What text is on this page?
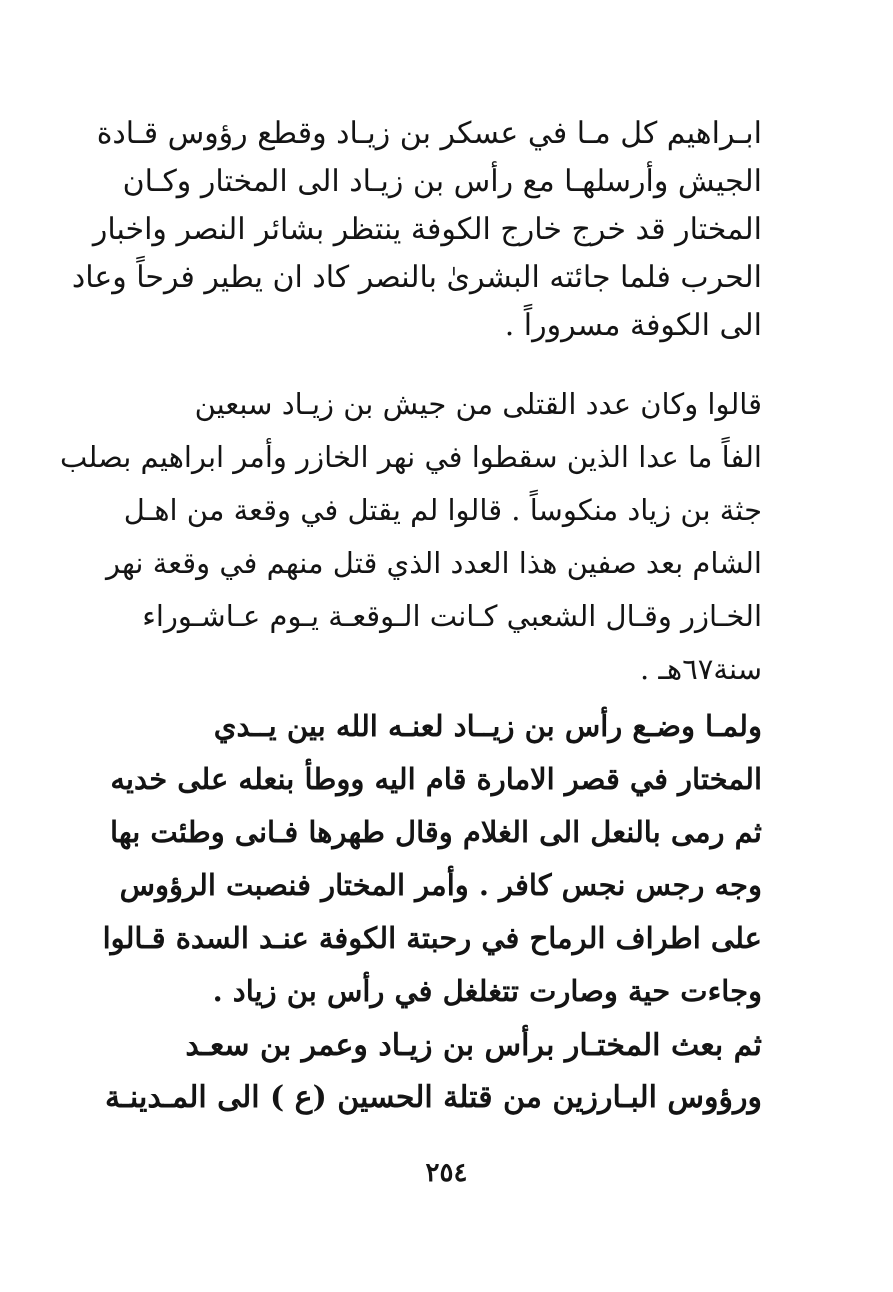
ابـراهيم كل مـا في عسكر بن زيـاد وقطع رؤوس قـادة
الجيش وأرسلهـا مع رأس بن زيـاد الى المختار وكـان
المختار قد خرج خارج الكوفة ينتظر بشائر النصر واخبار
الحرب فلما جائته البشرىٰ بالنصر كاد ان يطير فرحاً وعاد
الى الكوفة مسروراً .
قالوا وكان عدد القتلى من جيش بن زيـاد سبعين
الفاً ما عدا الذين سقطوا في نهر الخازر وأمر ابراهيم بصلب
جثة بن زياد منكوساً . قالوا لم يقتل في وقعة من اهـل
الشام بعد صفين هذا العدد الذي قتل منهم في وقعة نهر
الخـازر وقـال الشعبي كـانت الـوقعـة يـوم عـاشـوراء
سنة٦٧هـ .
ولمـا وضـع رأس بن زيــاد لعنـه الله بين يــدي
المختار في قصر الامارة قام اليه ووطأ بنعله على خديه
ثم رمى بالنعل الى الغلام وقال طهرها فـانى وطئت بها
وجه رجس نجس كافر . وأمر المختار فنصبت الرؤوس
على اطراف الرماح في رحبتة الكوفة عنـد السدة قـالوا
وجاءت حية وصارت تتغلغل في رأس بن زياد .
ثم بعث المختـار برأس بن زيـاد وعمر بن سعـد
ورؤوس البـارزين من قتلة الحسين (ع ) الى المـدينـة
٢٥٤
